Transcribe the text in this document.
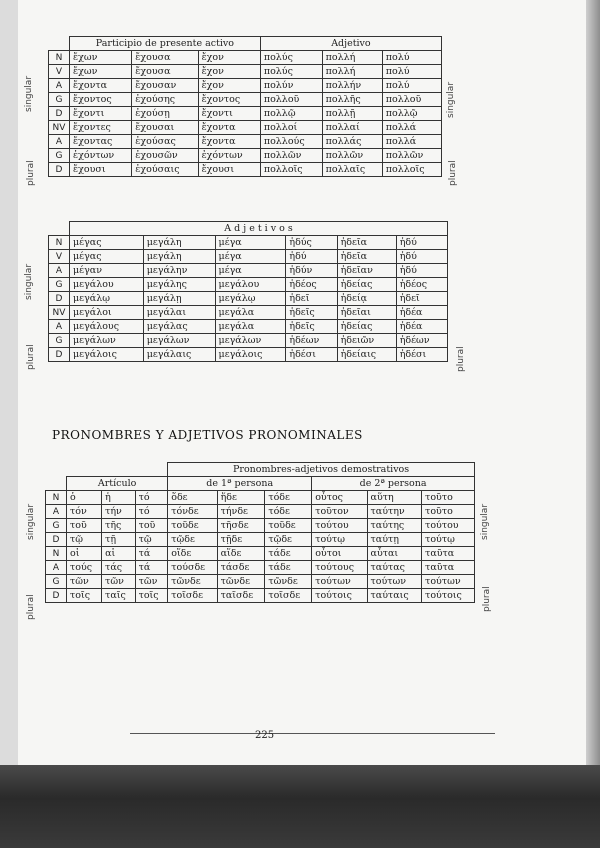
	Participio de presente activo			Adjetivo		
N	ἔχων	ἔχουσα	ἔχον	πολύς	πολλή	πολύ
V	ἔχων	ἔχουσα	ἔχον	πολύς	πολλή	πολύ
A	ἔχοντα	ἔχουσαν	ἔχον	πολύν	πολλήν	πολύ
G	ἔχοντος	ἐχούσης	ἔχοντος	πολλοῦ	πολλῆς	πολλοῦ
D	ἔχοντι	ἐχούσῃ	ἔχοντι	πολλῷ	πολλῇ	πολλῷ
NV	ἔχοντες	ἔχουσαι	ἔχοντα	πολλοί	πολλαί	πολλά
A	ἔχοντας	ἐχούσας	ἔχοντα	πολλούς	πολλάς	πολλά
G	ἐχόντων	ἐχουσῶν	ἐχόντων	πολλῶν	πολλῶν	πολλῶν
D	ἔχουσι	ἐχούσαις	ἔχουσι	πολλοῖς	πολλαῖς	πολλοῖς
singular
plural
singular
plural
	A d j e t i v o s					
N	μέγας	μεγάλη	μέγα	ἡδύς	ἡδεῖα	ἡδύ
V	μέγας	μεγάλη	μέγα	ἡδύ	ἡδεῖα	ἡδύ
A	μέγαν	μεγάλην	μέγα	ἡδύν	ἡδεῖαν	ἡδύ
G	μεγάλου	μεγάλης	μεγάλου	ἡδέος	ἡδείας	ἡδέος
D	μεγάλῳ	μεγάλῃ	μεγάλῳ	ἡδεῖ	ἡδείᾳ	ἡδεῖ
NV	μεγάλοι	μεγάλαι	μεγάλα	ἡδεῖς	ἡδεῖαι	ἡδέα
A	μεγάλους	μεγάλας	μεγάλα	ἡδεῖς	ἡδείας	ἡδέα
G	μεγάλων	μεγάλων	μεγάλων	ἡδέων	ἡδειῶν	ἡδέων
D	μεγάλοις	μεγάλαις	μεγάλοις	ἡδέσι	ἡδείαις	ἡδέσι
singular
plural	plural
PRONOMBRES Y ADJETIVOS PRONOMINALES
				Pronombres-adjetivos demostrativos					
	Artículo			de 1ª persona			de 2ª persona		
N	ὁ	ἡ	τό	ὅδε	ἥδε	τόδε	οὗτος	αὕτη	τοῦτο
A	τόν	τήν	τό	τόνδε	τήνδε	τόδε	τοῦτον	ταύτην	τοῦτο
G	τοῦ	τῆς	τοῦ	τοῦδε	τῆσδε	τοῦδε	τούτου	ταύτης	τούτου
D	τῷ	τῇ	τῷ	τῷδε	τῇδε	τῷδε	τούτῳ	ταύτῃ	τούτῳ
N	οἱ	αἱ	τά	οἵδε	αἵδε	τάδε	οὗτοι	αὗται	ταῦτα
A	τούς	τάς	τά	τούσδε	τάσδε	τάδε	τούτους	ταύτας	ταῦτα
G	τῶν	τῶν	τῶν	τῶνδε	τῶνδε	τῶνδε	τούτων	τούτων	τούτων
D	τοῖς	ταῖς	τοῖς	τοῖσδε	ταῖσδε	τοῖσδε	τούτοις	ταύταις	τούτοις
singular
plural
singular
plural
225
